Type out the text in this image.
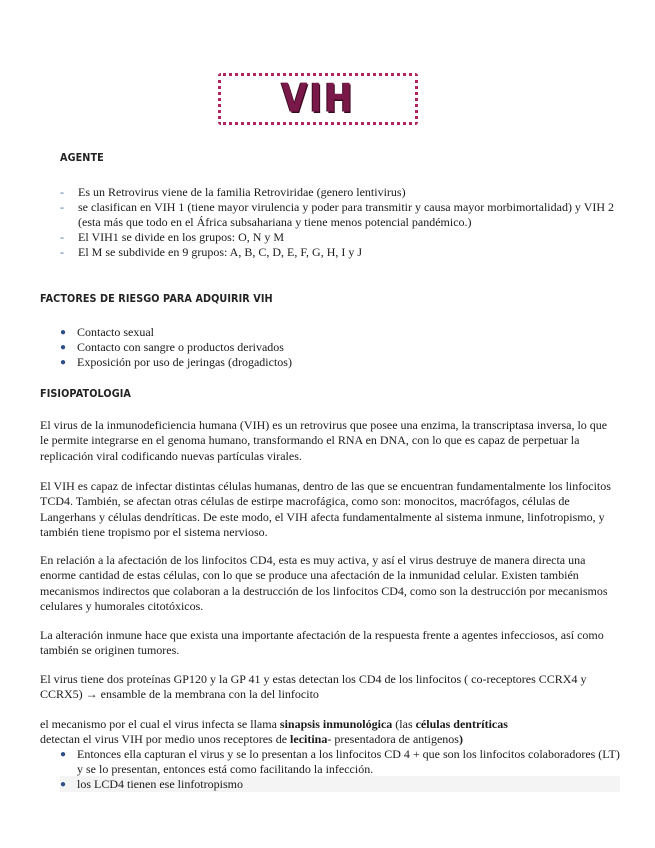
VIH
AGENTE
- Es un Retrovirus viene de la familia Retroviridae (genero lentivirus)
- se clasifican en VIH 1 (tiene mayor virulencia y poder para transmitir y causa mayor morbimortalidad) y VIH 2 (esta más que todo en el África subsahariana y tiene menos potencial pandémico.)
- El VIH1 se divide en los grupos: O, N y M
- El M se subdivide en 9 grupos: A, B, C, D, E, F, G, H, I y J
FACTORES DE RIESGO PARA ADQUIRIR VIH
● Contacto sexual
● Contacto con sangre o productos derivados
● Exposición por uso de jeringas (drogadictos)
FISIOPATOLOGIA

El virus de la inmunodeficiencia humana (VIH) es un retrovirus que posee una enzima, la transcriptasa inversa, lo que le permite integrarse en el genoma humano, transformando el RNA en DNA, con lo que es capaz de perpetuar la replicación viral codificando nuevas partículas virales.

El VIH es capaz de infectar distintas células humanas, dentro de las que se encuentran fundamentalmente los linfocitos TCD4. También, se afectan otras células de estirpe macrofágica, como son: monocitos, macrófagos, células de Langerhans y células dendríticas. De este modo, el VIH afecta fundamentalmente al sistema inmune, linfotropismo, y también tiene tropismo por el sistema nervioso.

En relación a la afectación de los linfocitos CD4, esta es muy activa, y así el virus destruye de manera directa una enorme cantidad de estas células, con lo que se produce una afectación de la inmunidad celular. Existen también mecanismos indirectos que colaboran a la destrucción de los linfocitos CD4, como son la destrucción por mecanismos celulares y humorales citotóxicos.

La alteración inmune hace que exista una importante afectación de la respuesta frente a agentes infecciosos, así como también se originen tumores.

El virus tiene dos proteínas GP120 y la GP 41 y estas detectan los CD4 de los linfocitos ( co-receptores CCRX4 y CCRX5) → ensamble de la membrana con la del linfocito

el mecanismo por el cual el virus infecta se llama sinapsis inmunológica (las células dentríticas
detectan el virus VIH por medio unos receptores de lecitina- presentadora de antigenos)

● Entonces ella capturan el virus y se lo presentan a los linfocitos CD 4 + que son los linfocitos colaboradores (LT) y se lo presentan, entonces está como facilitando la infección.
● los LCD4 tienen ese linfotropismo
